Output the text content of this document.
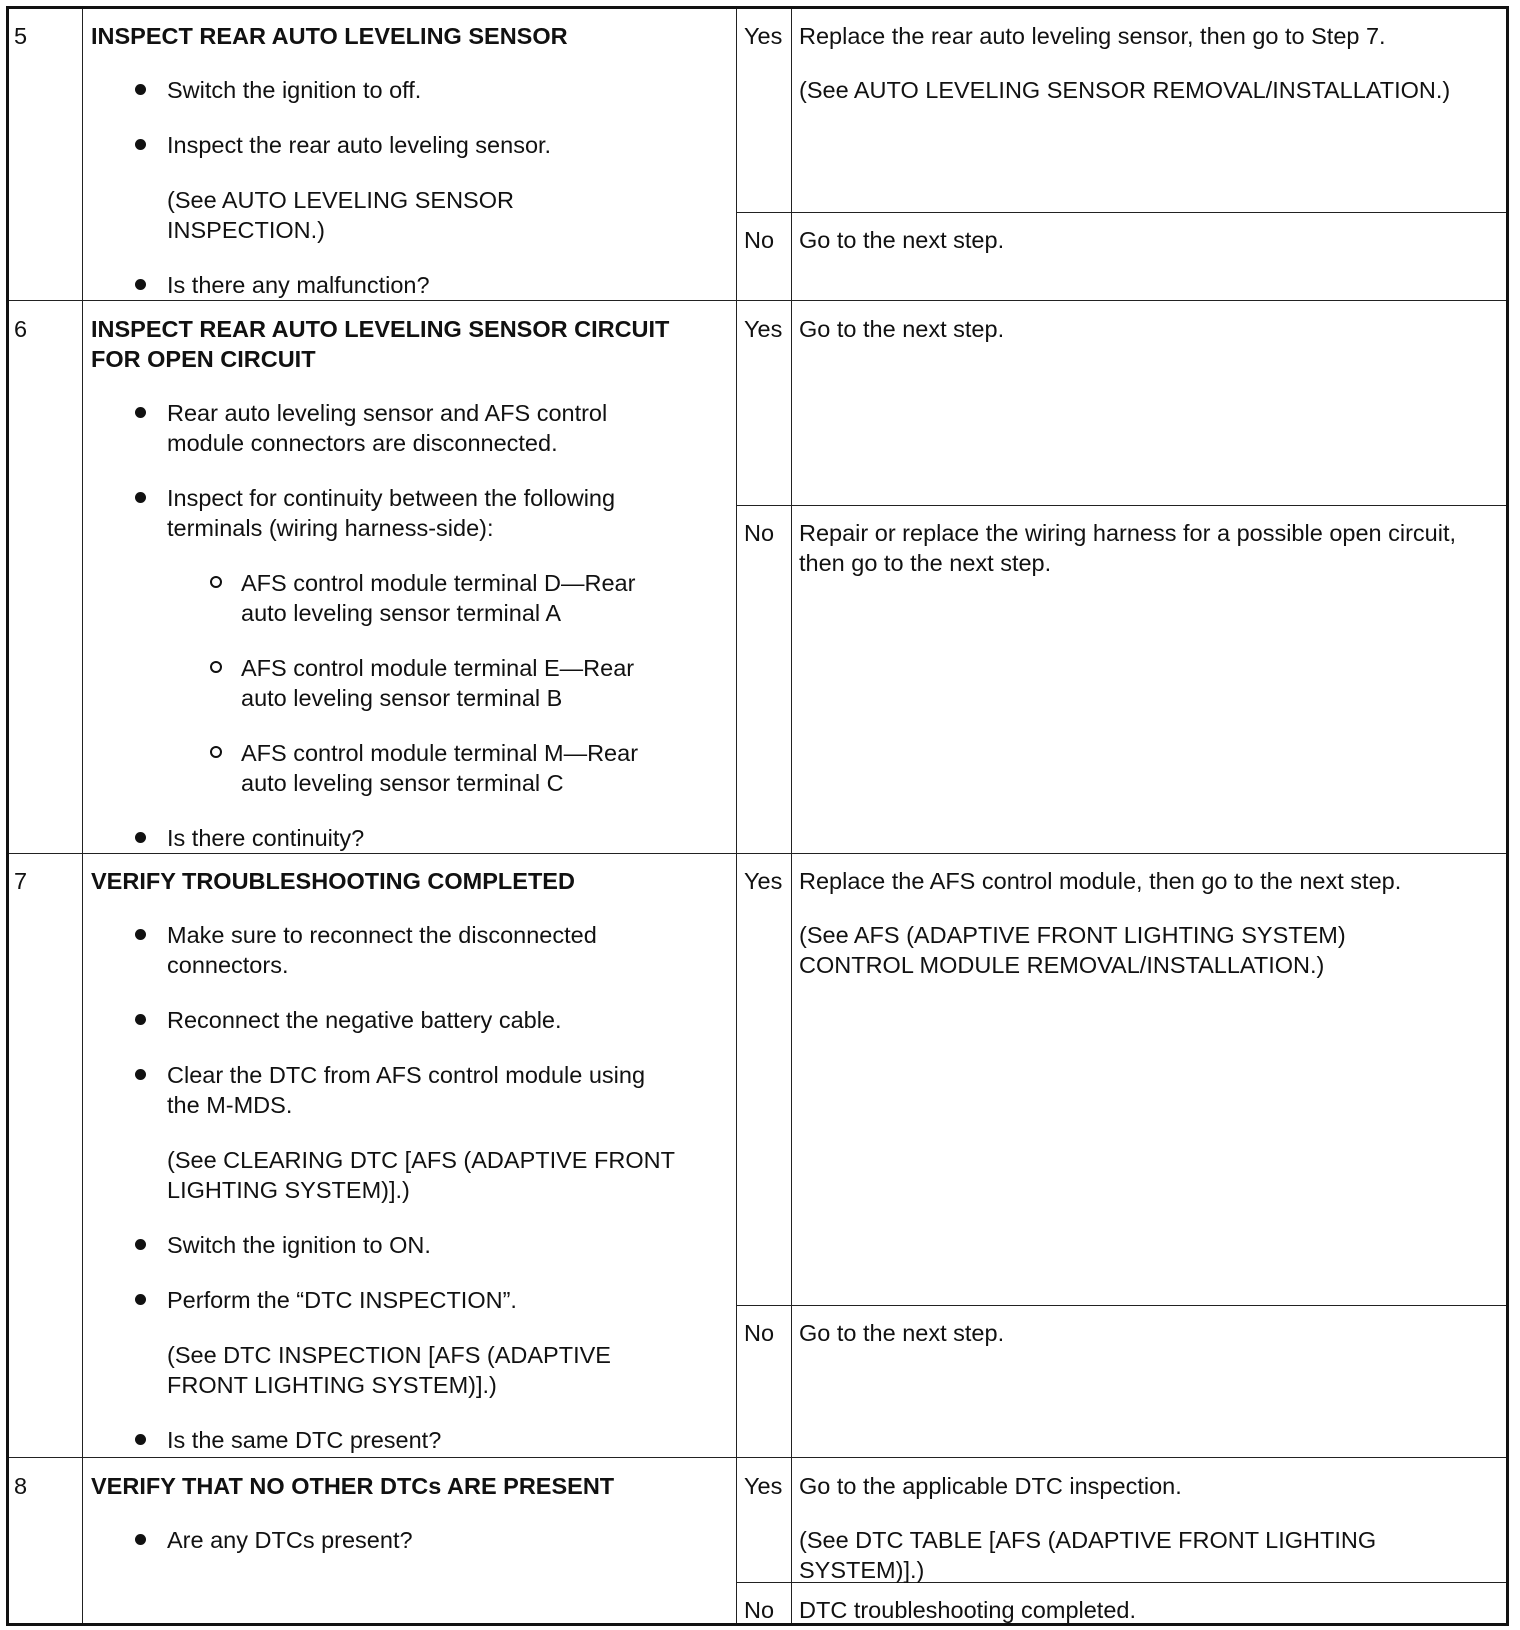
5	INSPECT REAR AUTO LEVELING SENSOR
Switch the ignition to off.
Inspect the rear auto leveling sensor.
(See AUTO LEVELING SENSOR
INSPECTION.)
Is there any malfunction?
Yes Replace the rear auto leveling sensor, then go to Step 7.
(See AUTO LEVELING SENSOR REMOVAL/INSTALLATION.)
No Go to the next step.
6	INSPECT REAR AUTO LEVELING SENSOR CIRCUIT
FOR OPEN CIRCUIT
Rear auto leveling sensor and AFS control
module connectors are disconnected.
Inspect for continuity between the following
terminals (wiring harness-side):
AFS control module terminal D—Rear
auto leveling sensor terminal A
AFS control module terminal E—Rear
auto leveling sensor terminal B
AFS control module terminal M—Rear
auto leveling sensor terminal C
Is there continuity?
Yes Go to the next step.
No Repair or replace the wiring harness for a possible open circuit,
then go to the next step.
7	VERIFY TROUBLESHOOTING COMPLETED
Make sure to reconnect the disconnected
connectors.
Reconnect the negative battery cable.
Clear the DTC from AFS control module using
the M-MDS.
(See CLEARING DTC [AFS (ADAPTIVE FRONT
LIGHTING SYSTEM)].)
Switch the ignition to ON.
Perform the “DTC INSPECTION”.
(See DTC INSPECTION [AFS (ADAPTIVE
FRONT LIGHTING SYSTEM)].)
Is the same DTC present?
Yes Replace the AFS control module, then go to the next step.
(See AFS (ADAPTIVE FRONT LIGHTING SYSTEM)
CONTROL MODULE REMOVAL/INSTALLATION.)
No Go to the next step.
8	VERIFY THAT NO OTHER DTCs ARE PRESENT
Are any DTCs present?
Yes Go to the applicable DTC inspection.
(See DTC TABLE [AFS (ADAPTIVE FRONT LIGHTING
SYSTEM)].)
No DTC troubleshooting completed.
